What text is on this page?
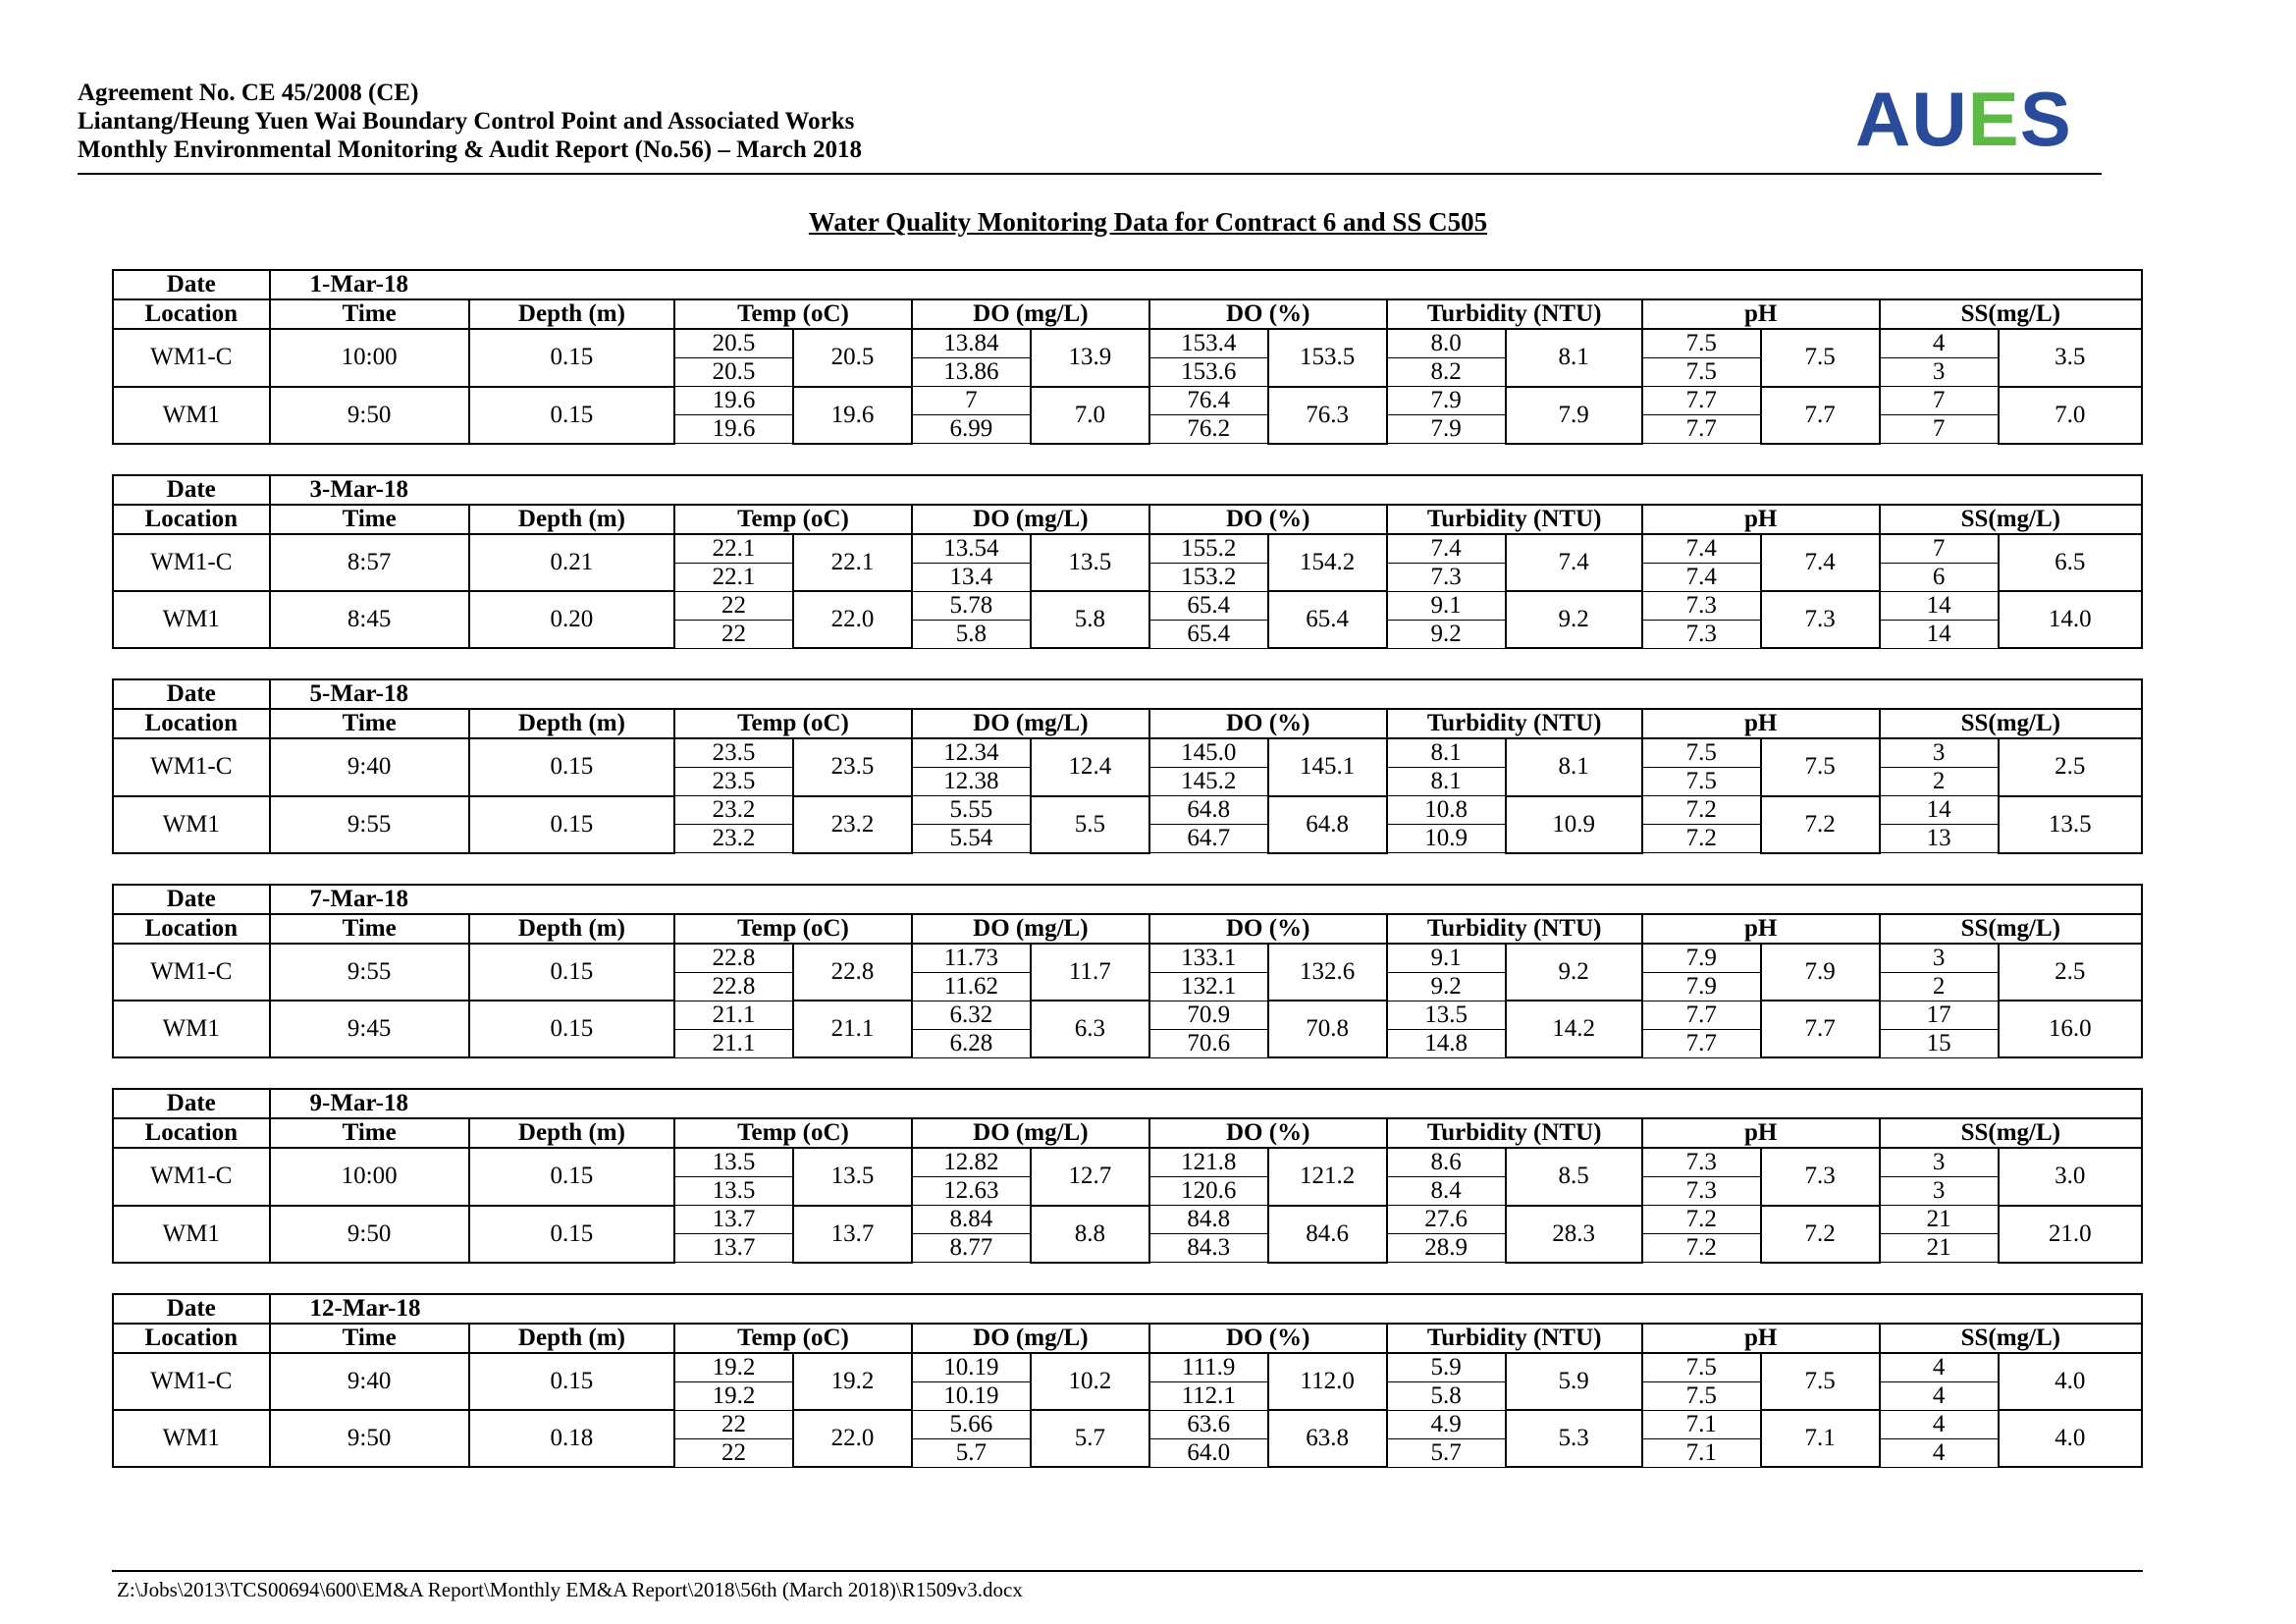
Agreement No. CE 45/2008 (CE)
Liantang/Heung Yuen Wai Boundary Control Point and Associated Works
Monthly Environmental Monitoring & Audit Report (No.56) – March 2018	AUES
Water Quality Monitoring Data for Contract 6 and SS C505
Date	1-Mar-18													
Location	Time	Depth (m)	Temp (oC)		DO (mg/L)		DO (%)		Turbidity (NTU)		pH		SS(mg/L)	
WM1-C	10:00	0.15	20.5	20.5	13.84	13.9	153.4	153.5	8.0	8.1	7.5	7.5	4	3.5
			20.5		13.86		153.6		8.2		7.5		3	
WM1	9:50	0.15	19.6	19.6	7	7.0	76.4	76.3	7.9	7.9	7.7	7.7	7	7.0
			19.6		6.99		76.2		7.9		7.7		7	
Date	3-Mar-18													
Location	Time	Depth (m)	Temp (oC)		DO (mg/L)		DO (%)		Turbidity (NTU)		pH		SS(mg/L)	
WM1-C	8:57	0.21	22.1	22.1	13.54	13.5	155.2	154.2	7.4	7.4	7.4	7.4	7	6.5
			22.1		13.4		153.2		7.3		7.4		6	
WM1	8:45	0.20	22	22.0	5.78	5.8	65.4	65.4	9.1	9.2	7.3	7.3	14	14.0
			22		5.8		65.4		9.2		7.3		14	
Date	5-Mar-18													
Location	Time	Depth (m)	Temp (oC)		DO (mg/L)		DO (%)		Turbidity (NTU)		pH		SS(mg/L)	
WM1-C	9:40	0.15	23.5	23.5	12.34	12.4	145.0	145.1	8.1	8.1	7.5	7.5	3	2.5
			23.5		12.38		145.2		8.1		7.5		2	
WM1	9:55	0.15	23.2	23.2	5.55	5.5	64.8	64.8	10.8	10.9	7.2	7.2	14	13.5
			23.2		5.54		64.7		10.9		7.2		13	
Date	7-Mar-18													
Location	Time	Depth (m)	Temp (oC)		DO (mg/L)		DO (%)		Turbidity (NTU)		pH		SS(mg/L)	
WM1-C	9:55	0.15	22.8	22.8	11.73	11.7	133.1	132.6	9.1	9.2	7.9	7.9	3	2.5
			22.8		11.62		132.1		9.2		7.9		2	
WM1	9:45	0.15	21.1	21.1	6.32	6.3	70.9	70.8	13.5	14.2	7.7	7.7	17	16.0
			21.1		6.28		70.6		14.8		7.7		15	
Date	9-Mar-18													
Location	Time	Depth (m)	Temp (oC)		DO (mg/L)		DO (%)		Turbidity (NTU)		pH		SS(mg/L)	
WM1-C	10:00	0.15	13.5	13.5	12.82	12.7	121.8	121.2	8.6	8.5	7.3	7.3	3	3.0
			13.5		12.63		120.6		8.4		7.3		3	
WM1	9:50	0.15	13.7	13.7	8.84	8.8	84.8	84.6	27.6	28.3	7.2	7.2	21	21.0
			13.7		8.77		84.3		28.9		7.2		21	
Date	12-Mar-18													
Location	Time	Depth (m)	Temp (oC)		DO (mg/L)		DO (%)		Turbidity (NTU)		pH		SS(mg/L)	
WM1-C	9:40	0.15	19.2	19.2	10.19	10.2	111.9	112.0	5.9	5.9	7.5	7.5	4	4.0
			19.2		10.19		112.1		5.8		7.5		4	
WM1	9:50	0.18	22	22.0	5.66	5.7	63.6	63.8	4.9	5.3	7.1	7.1	4	4.0
			22		5.7		64.0		5.7		7.1		4	
Z:\Jobs\2013\TCS00694\600\EM&A Report\Monthly EM&A Report\2018\56th (March 2018)\R1509v3.docx
